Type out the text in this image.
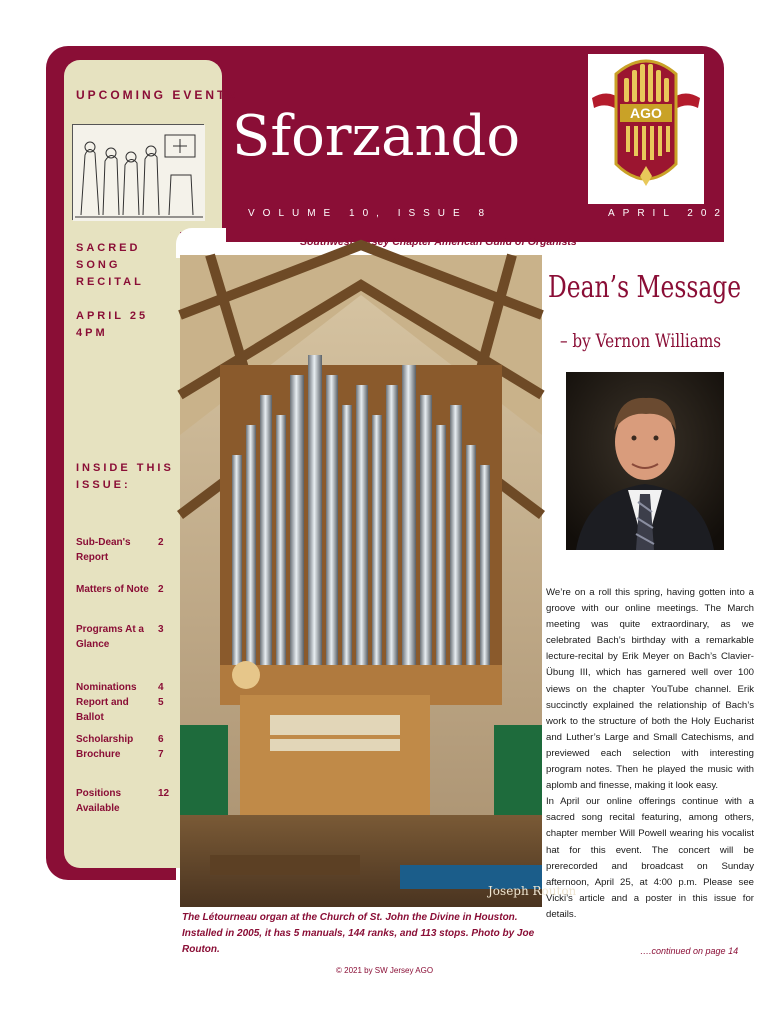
UPCOMING EVENTS
Sforzando
VOLUME 10, ISSUE 8	APRIL 2021
AGO
Southwest Jersey Chapter American Guild of Organists
SACRED SONG RECITAL
APRIL 25 4PM
INSIDE THIS ISSUE:
Sub-Dean's Report
2
Matters of Note 2
Programs At a Glance
3
Nominations Report and Ballot
4 5
Scholarship Brochure
6 7
Positions Available
12
Joseph Routon
The Létourneau organ at the Church of St. John the Divine in Houston. Installed in 2005, it has 5 manuals, 144 ranks, and 113 stops. Photo by Joe Routon.
Dean’s Message
– by Vernon Williams

We’re on a roll this spring, having gotten into a groove with our online meetings. The March meeting was quite extraordinary, as we celebrated Bach’s birthday with a remarkable lecture-recital by Erik Meyer on Bach’s Clavier-Übung III, which has garnered well over 100 views on the chapter YouTube channel. Erik succinctly explained the relationship of Bach’s work to the structure of both the Holy Eucharist and Luther’s Large and Small Catechisms, and previewed each selection with interesting program notes. Then he played the music with aplomb and finesse, making it look easy.

In April our online offerings continue with a sacred song recital featuring, among others, chapter member Will Powell wearing his vocalist hat for this event. The concert will be prerecorded and broadcast on Sunday afternoon, April 25, at 4:00 p.m. Please see Vicki’s article and a poster in this issue for details.

….continued on page 14
© 2021 by SW Jersey AGO
